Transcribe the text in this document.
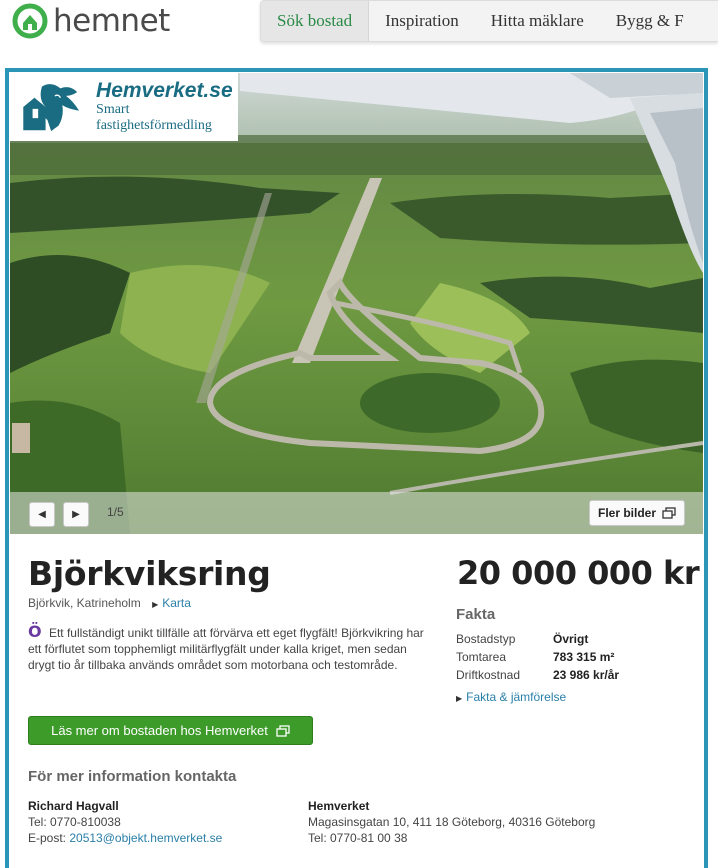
hemnet	Sök bostad	Inspiration	Hitta mäklare	Bygg & F
Hemverket.se
Smart fastighetsförmedling
◀	▶ 1/5	Fler bilder
Björkviksring
Björkvik, Katrineholm ▶ Karta
20 000 000 kr
Ö Ett fullständigt unikt tillfälle att förvärva ett eget flygfält! Björkvikring har ett förflutet som topphemligt militärflygfält under kalla kriget, men sedan drygt tio år tillbaka används området som motorbana och testområde.
Fakta
Bostadstyp	Övrigt
Tomtarea	783 315 m²
Driftkostnad	23 986 kr/år
▶ Fakta & jämförelse
Läs mer om bostaden hos Hemverket
För mer information kontakta
Richard Hagvall
Tel: 0770-810038
E-post: 20513@objekt.hemverket.se
Hemverket
Magasinsgatan 10, 411 18 Göteborg, 40316 Göteborg
Tel: 0770-81 00 38
